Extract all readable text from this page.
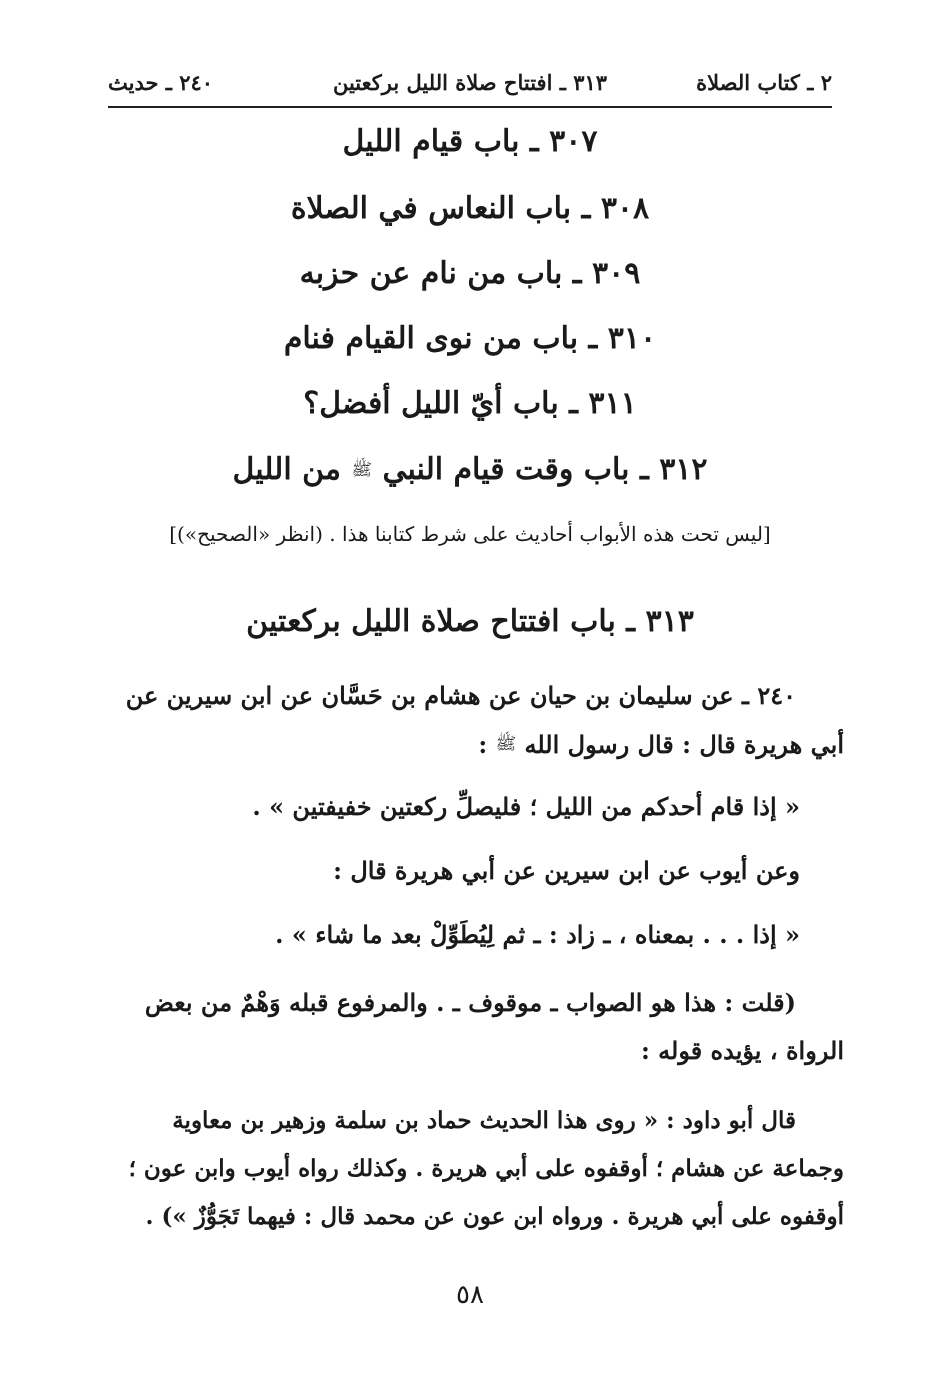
٢ ـ كتاب الصلاة
٣١٣ ـ افتتاح صلاة الليل بركعتين
٢٤٠ ـ حديث
٣٠٧ ـ باب قيام الليل
٣٠٨ ـ باب النعاس في الصلاة
٣٠٩ ـ باب من نام عن حزبه
٣١٠ ـ باب من نوى القيام فنام
٣١١ ـ باب أيّ الليل أفضل؟
٣١٢ ـ باب وقت قيام النبي ﷺ من الليل
[ليس تحت هذه الأبواب أحاديث على شرط كتابنا هذا . (انظر «الصحيح»)]
٣١٣ ـ باب افتتاح صلاة الليل بركعتين

٢٤٠ ـ عن سليمان بن حيان عن هشام بن حَسَّان عن ابن سيرين عن أبي هريرة قال : قال رسول الله ﷺ :

« إذا قام أحدكم من الليل ؛ فليصلِّ ركعتين خفيفتين » .

وعن أيوب عن ابن سيرين عن أبي هريرة قال :

« إذا . . . بمعناه ، ـ زاد : ـ ثم لِيُطَوِّلْ بعد ما شاء » .

(قلت : هذا هو الصواب ـ موقوف ـ . والمرفوع قبله وَهْمٌ من بعض الرواة ، يؤيده قوله :

قال أبو داود : « روى هذا الحديث حماد بن سلمة وزهير بن معاوية وجماعة عن هشام ؛ أوقفوه على أبي هريرة . وكذلك رواه أيوب وابن عون ؛ أوقفوه على أبي هريرة . ورواه ابن عون عن محمد قال : فيهما تَجَوُّزٌ ») .

٥٨
